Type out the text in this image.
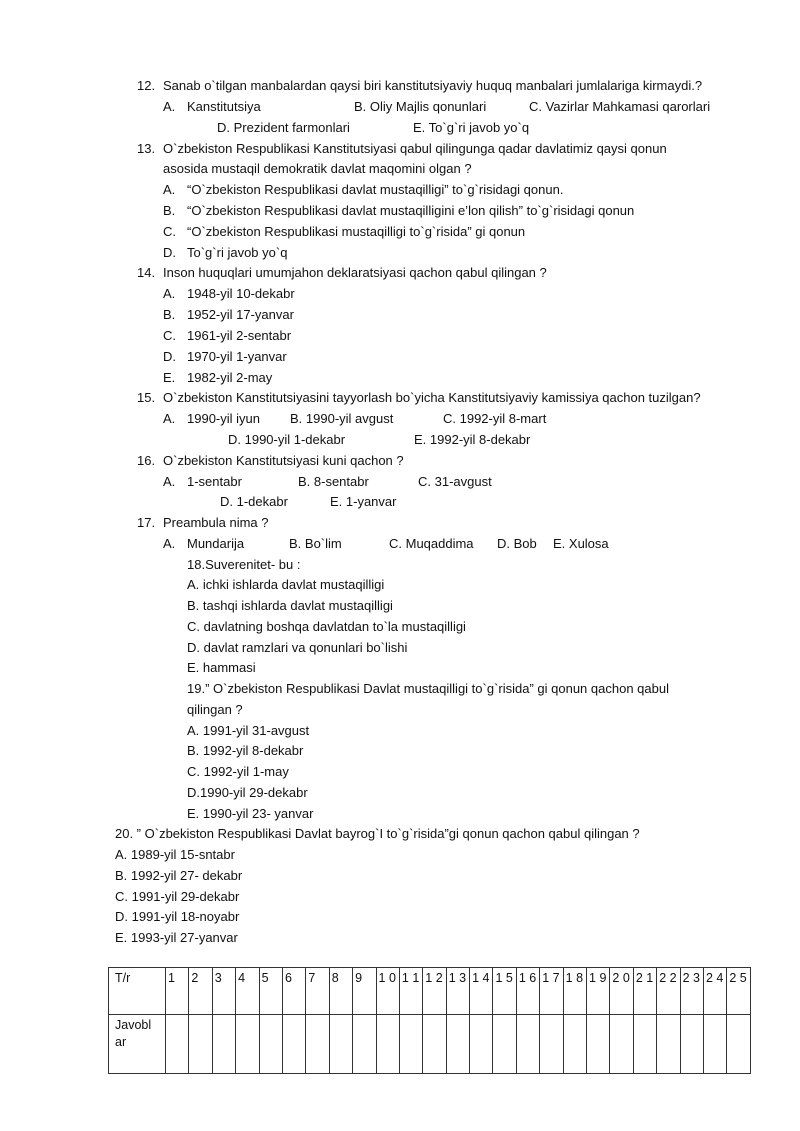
12. Sanab o`tilgan manbalardan qaysi biri kanstitutsiyaviy huquq manbalari jumlalariga kirmaydi.?
A. Kanstitutsiya	B. Oliy Majlis qonunlari	C. Vazirlar Mahkamasi qarorlari
D. Prezident farmonlari	E. To`g`ri javob yo`q
13. O`zbekiston Respublikasi Kanstitutsiyasi qabul qilingunga qadar davlatimiz qaysi qonun
asosida mustaqil demokratik davlat maqomini olgan ?
A. “O`zbekiston Respublikasi davlat mustaqilligi” to`g`risidagi qonun.
B. “O`zbekiston Respublikasi davlat mustaqilligini e’lon qilish” to`g`risidagi qonun
C. “O`zbekiston Respublikasi mustaqilligi to`g`risida” gi qonun
D. To`g`ri javob yo`q
14. Inson huquqlari umumjahon deklaratsiyasi qachon qabul qilingan ?
A. 1948-yil 10-dekabr
B. 1952-yil 17-yanvar
C. 1961-yil 2-sentabr
D. 1970-yil 1-yanvar
E. 1982-yil 2-may
15. O`zbekiston Kanstitutsiyasini tayyorlash bo`yicha Kanstitutsiyaviy kamissiya qachon tuzilgan?
A. 1990-yil iyun B. 1990-yil avgust	C. 1992-yil 8-mart
D. 1990-yil 1-dekabr	E. 1992-yil 8-dekabr
16. O`zbekiston Kanstitutsiyasi kuni qachon ?
A. 1-sentabr	B. 8-sentabr	C. 31-avgust
D. 1-dekabr	E. 1-yanvar
17. Preambula nima ?
A. Mundarija	B. Bo`lim	C. Muqaddima D. Bob E. Xulosa
18.Suverenitet- bu :
A. ichki ishlarda davlat mustaqilligi
B. tashqi ishlarda davlat mustaqilligi
C. davlatning boshqa davlatdan to`la mustaqilligi
D. davlat ramzlari va qonunlari bo`lishi
E. hammasi
19.” O`zbekiston Respublikasi Davlat mustaqilligi to`g`risida” gi qonun qachon qabul
qilingan ?
A. 1991-yil 31-avgust
B. 1992-yil 8-dekabr
C. 1992-yil 1-may
D.1990-yil 29-dekabr
E. 1990-yil 23- yanvar
20. ” O`zbekiston Respublikasi Davlat bayrog`I to`g`risida”gi qonun qachon qabul qilingan ?
A. 1989-yil 15-sntabr
B. 1992-yil 27- dekabr
C. 1991-yil 29-dekabr
D. 1991-yil 18-noyabr
E. 1993-yil 27-yanvar
T/r	1	2	3	4	5	6	7	8	9	1 0	1 1	1 2	1 3	1 4	1 5	1 6	1 7	1 8	1 9	2 0	2 1	2 2	2 3	2 4	2 5
Javobl ar																									
